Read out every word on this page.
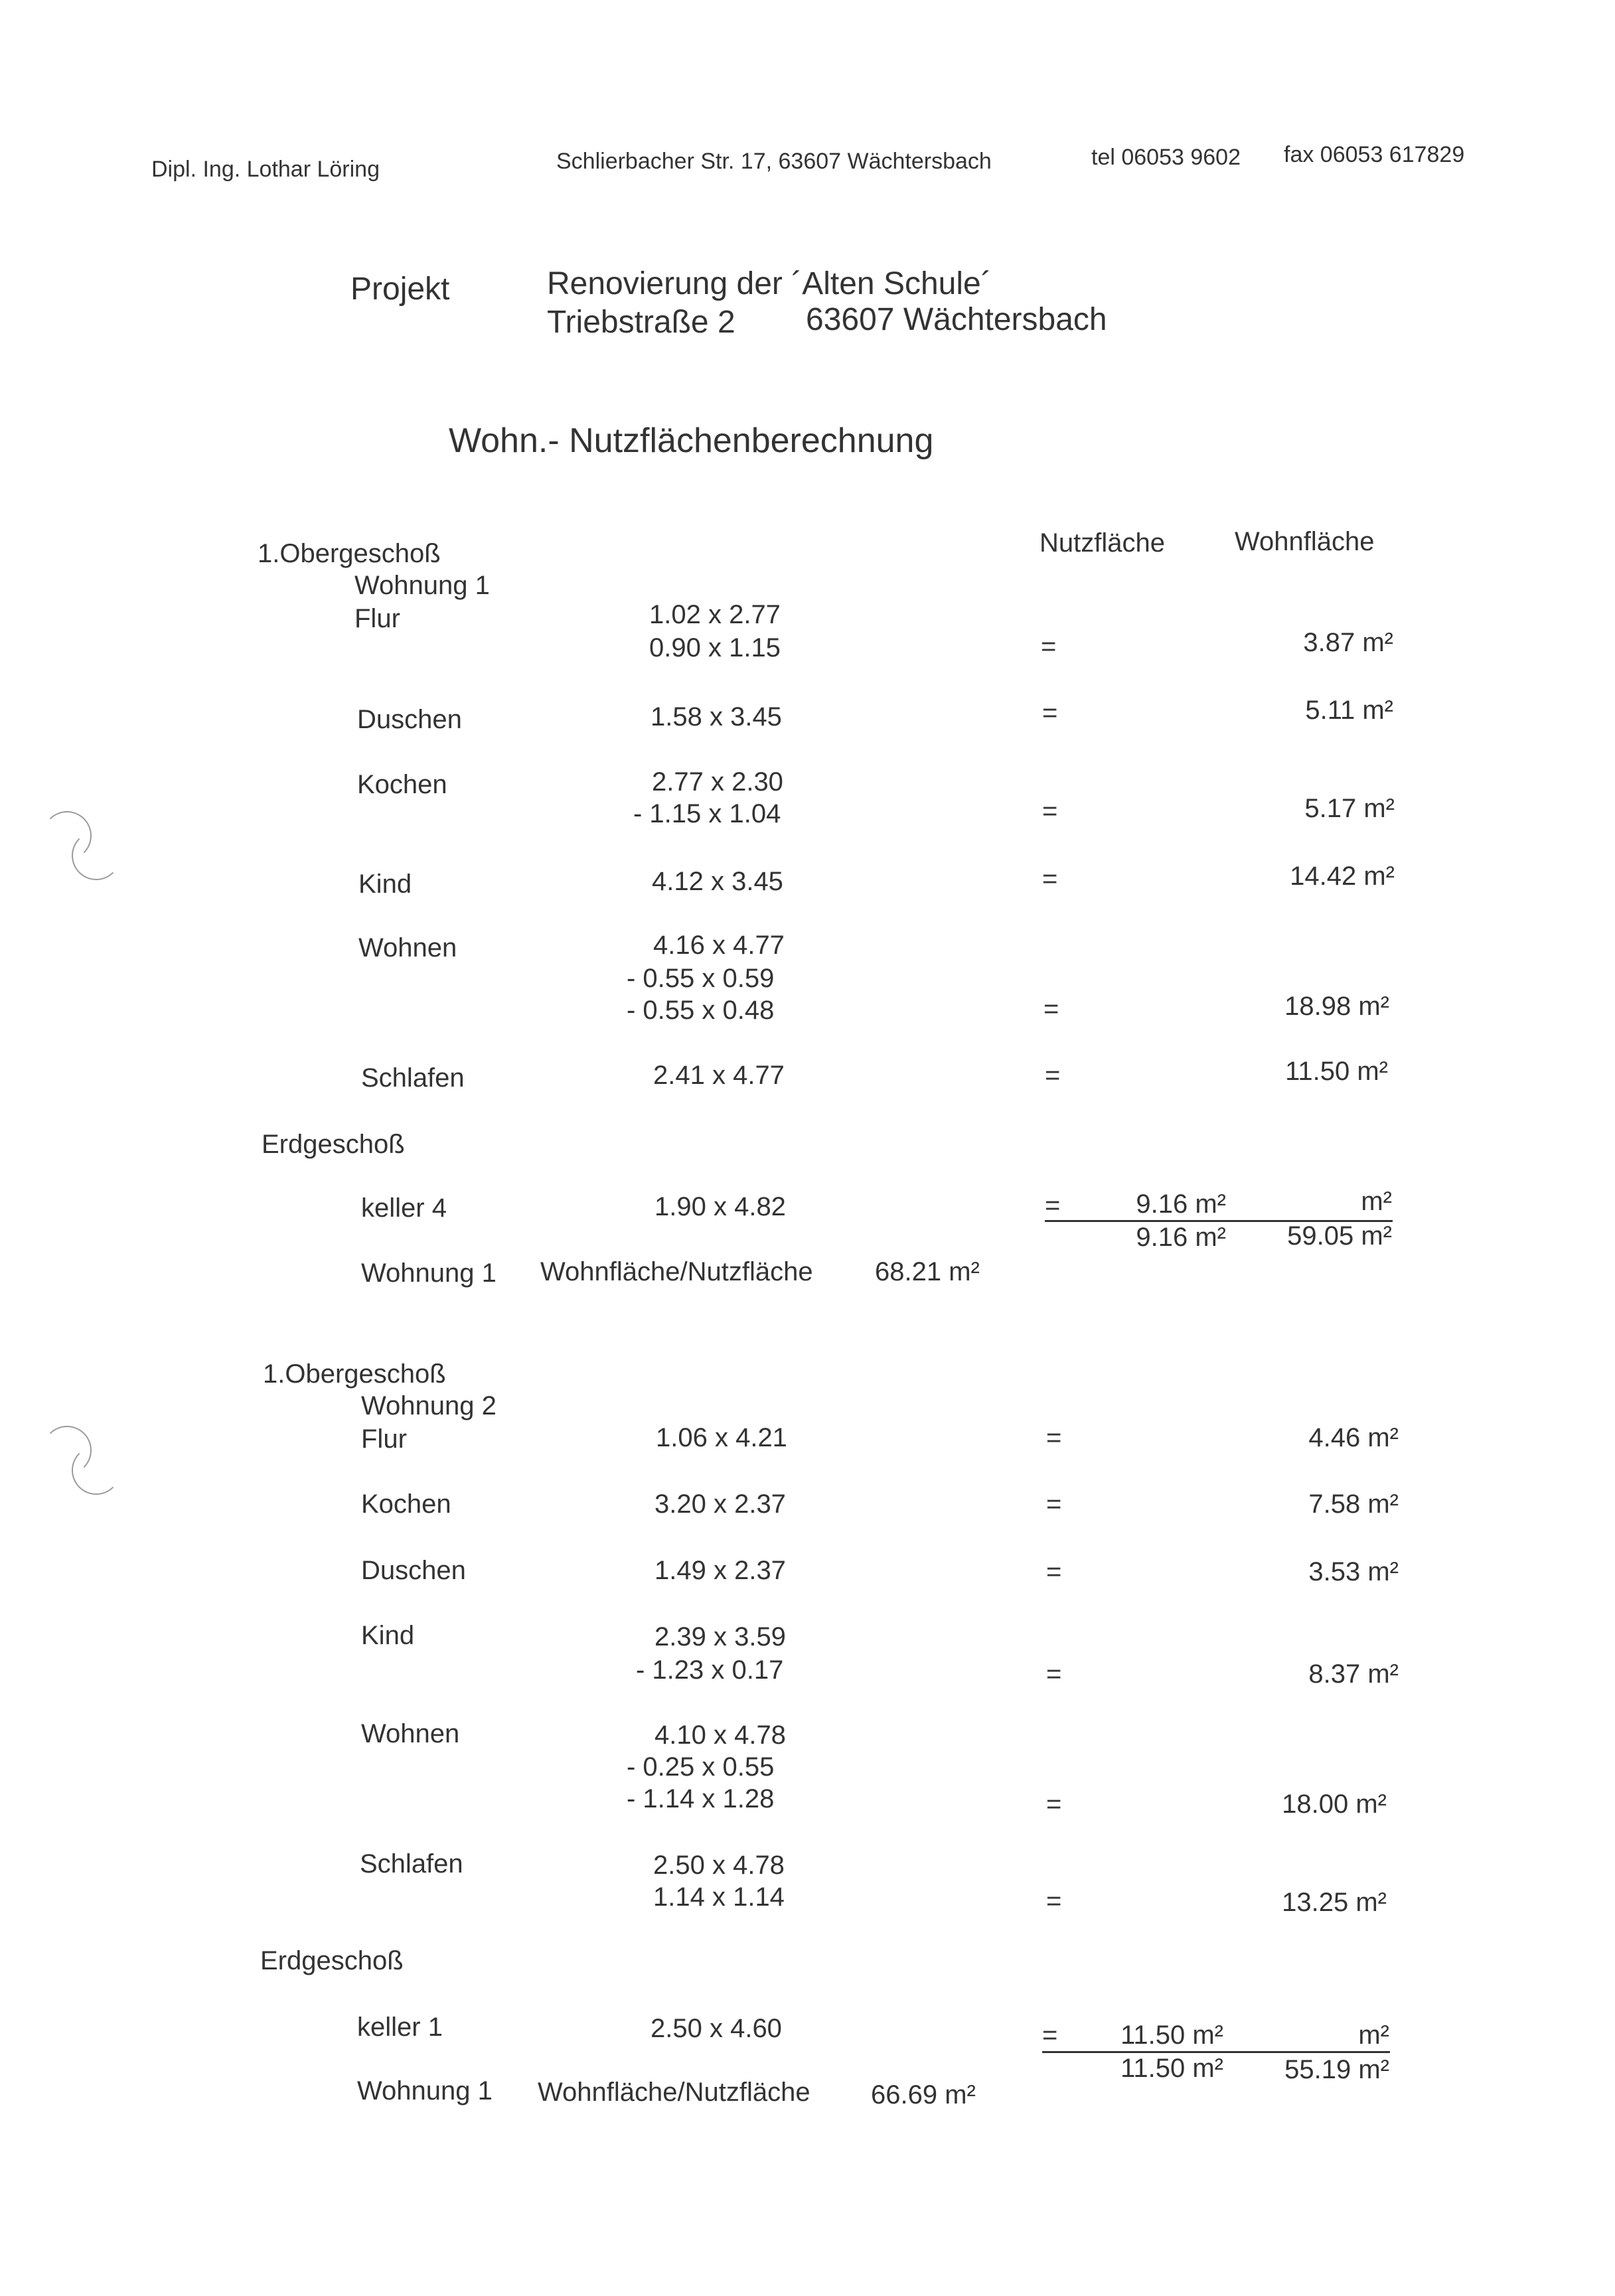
Dipl. Ing. Lothar Löring	Schlierbacher Str. 17, 63607 Wächtersbach	tel 06053 9602 fax 06053 617829
Projekt	Renovierung der ´Alten Schule´
Triebstraße 2 63607 Wächtersbach
Wohn.- Nutzflächenberechnung
Nutzfläche	Wohnfläche
1.Obergeschoß
Wohnung 1
Flur	1.02 x 2.77
0.90 x 1.15	=	3.87 m²
Duschen	1.58 x 3.45	=	5.11 m²
Kochen	2.77 x 2.30
- 1.15 x 1.04	=	5.17 m²
Kind	4.12 x 3.45	=	14.42 m²
Wohnen	4.16 x 4.77
- 0.55 x 0.59
- 0.55 x 0.48	=	18.98 m²
Schlafen	2.41 x 4.77	=	11.50 m²
Erdgeschoß
keller 4	1.90 x 4.82	=	9.16 m²	m²
9.16 m² 59.05 m²
Wohnung 1 Wohnfläche/Nutzfläche 68.21 m²
1.Obergeschoß
Wohnung 2
Flur	1.06 x 4.21	=	4.46 m²
Kochen	3.20 x 2.37	=	7.58 m²
Duschen	1.49 x 2.37	=	3.53 m²
Kind	2.39 x 3.59
- 1.23 x 0.17	=	8.37 m²
Wohnen	4.10 x 4.78
- 0.25 x 0.55
- 1.14 x 1.28	=	18.00 m²
Schlafen	2.50 x 4.78
1.14 x 1.14	=	13.25 m²
Erdgeschoß
keller 1	2.50 x 4.60	= 11.50 m²	m²
11.50 m² 55.19 m²
Wohnung 1 Wohnfläche/Nutzfläche 66.69 m²
